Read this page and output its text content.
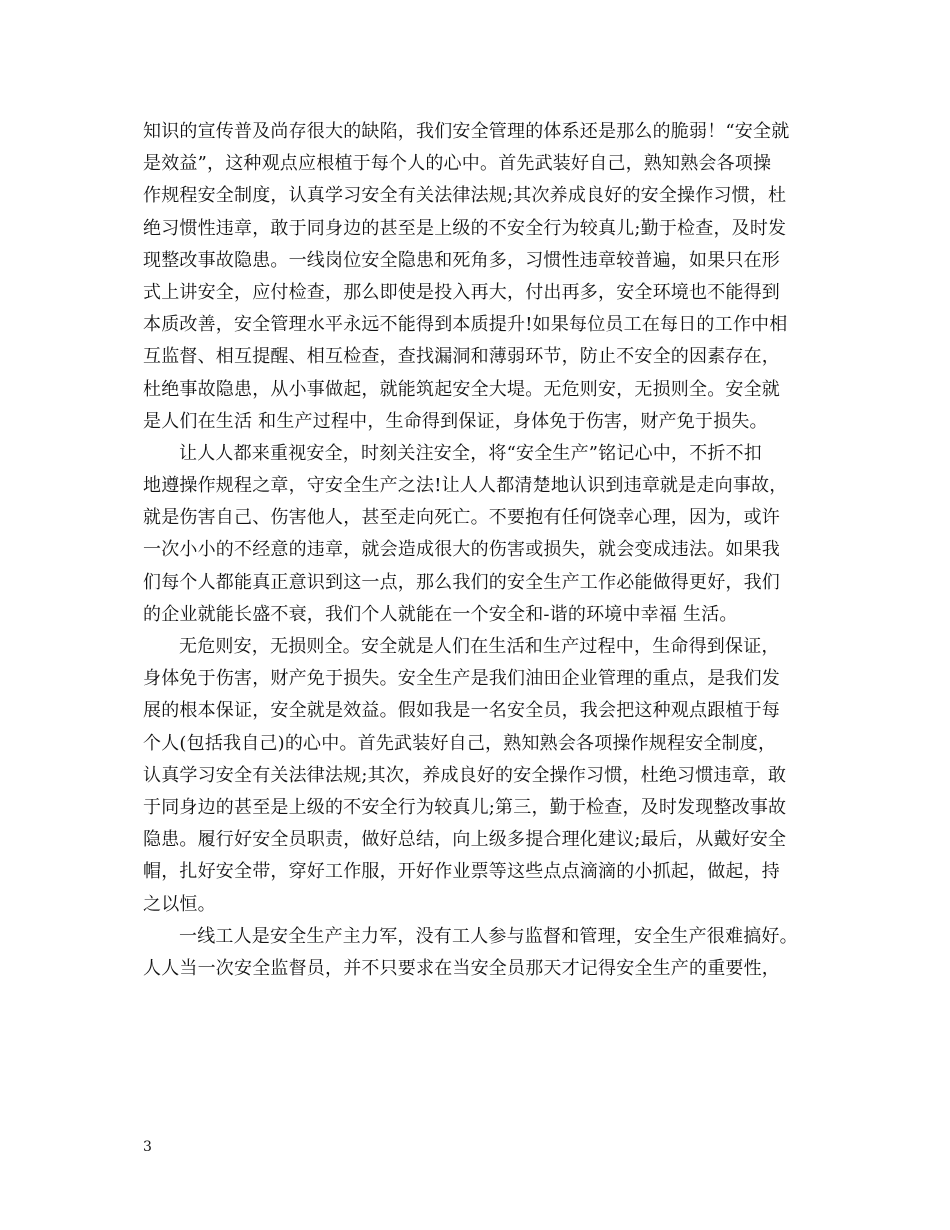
知识的宣传普及尚存很大的缺陷，我们安全管理的体系还是那么的脆弱！“安全就
是效益”，这种观点应根植于每个人的心中。首先武装好自己，熟知熟会各项操
作规程安全制度，认真学习安全有关法律法规;其次养成良好的安全操作习惯，杜
绝习惯性违章，敢于同身边的甚至是上级的不安全行为较真儿;勤于检查，及时发
现整改事故隐患。一线岗位安全隐患和死角多，习惯性违章较普遍，如果只在形
式上讲安全，应付检查，那么即使是投入再大，付出再多，安全环境也不能得到
本质改善，安全管理水平永远不能得到本质提升!如果每位员工在每日的工作中相
互监督、相互提醒、相互检查，查找漏洞和薄弱环节，防止不安全的因素存在，
杜绝事故隐患，从小事做起，就能筑起安全大堤。无危则安，无损则全。安全就
是人们在生活 和生产过程中，生命得到保证，身体免于伤害，财产免于损失。
让人人都来重视安全，时刻关注安全，将“安全生产”铭记心中，不折不扣
地遵操作规程之章，守安全生产之法!让人人都清楚地认识到违章就是走向事故，
就是伤害自己、伤害他人，甚至走向死亡。不要抱有任何饶幸心理，因为，或许
一次小小的不经意的违章，就会造成很大的伤害或损失，就会变成违法。如果我
们每个人都能真正意识到这一点，那么我们的安全生产工作必能做得更好，我们
的企业就能长盛不衰，我们个人就能在一个安全和-谐的环境中幸福 生活。
无危则安，无损则全。安全就是人们在生活和生产过程中，生命得到保证，
身体免于伤害，财产免于损失。安全生产是我们油田企业管理的重点，是我们发
展的根本保证，安全就是效益。假如我是一名安全员，我会把这种观点跟植于每
个人(包括我自己)的心中。首先武装好自己，熟知熟会各项操作规程安全制度，
认真学习安全有关法律法规;其次，养成良好的安全操作习惯，杜绝习惯违章，敢
于同身边的甚至是上级的不安全行为较真儿;第三，勤于检查，及时发现整改事故
隐患。履行好安全员职责，做好总结，向上级多提合理化建议;最后，从戴好安全
帽，扎好安全带，穿好工作服，开好作业票等这些点点滴滴的小抓起，做起，持
之以恒。
一线工人是安全生产主力军，没有工人参与监督和管理，安全生产很难搞好。
人人当一次安全监督员，并不只要求在当安全员那天才记得安全生产的重要性，
3
